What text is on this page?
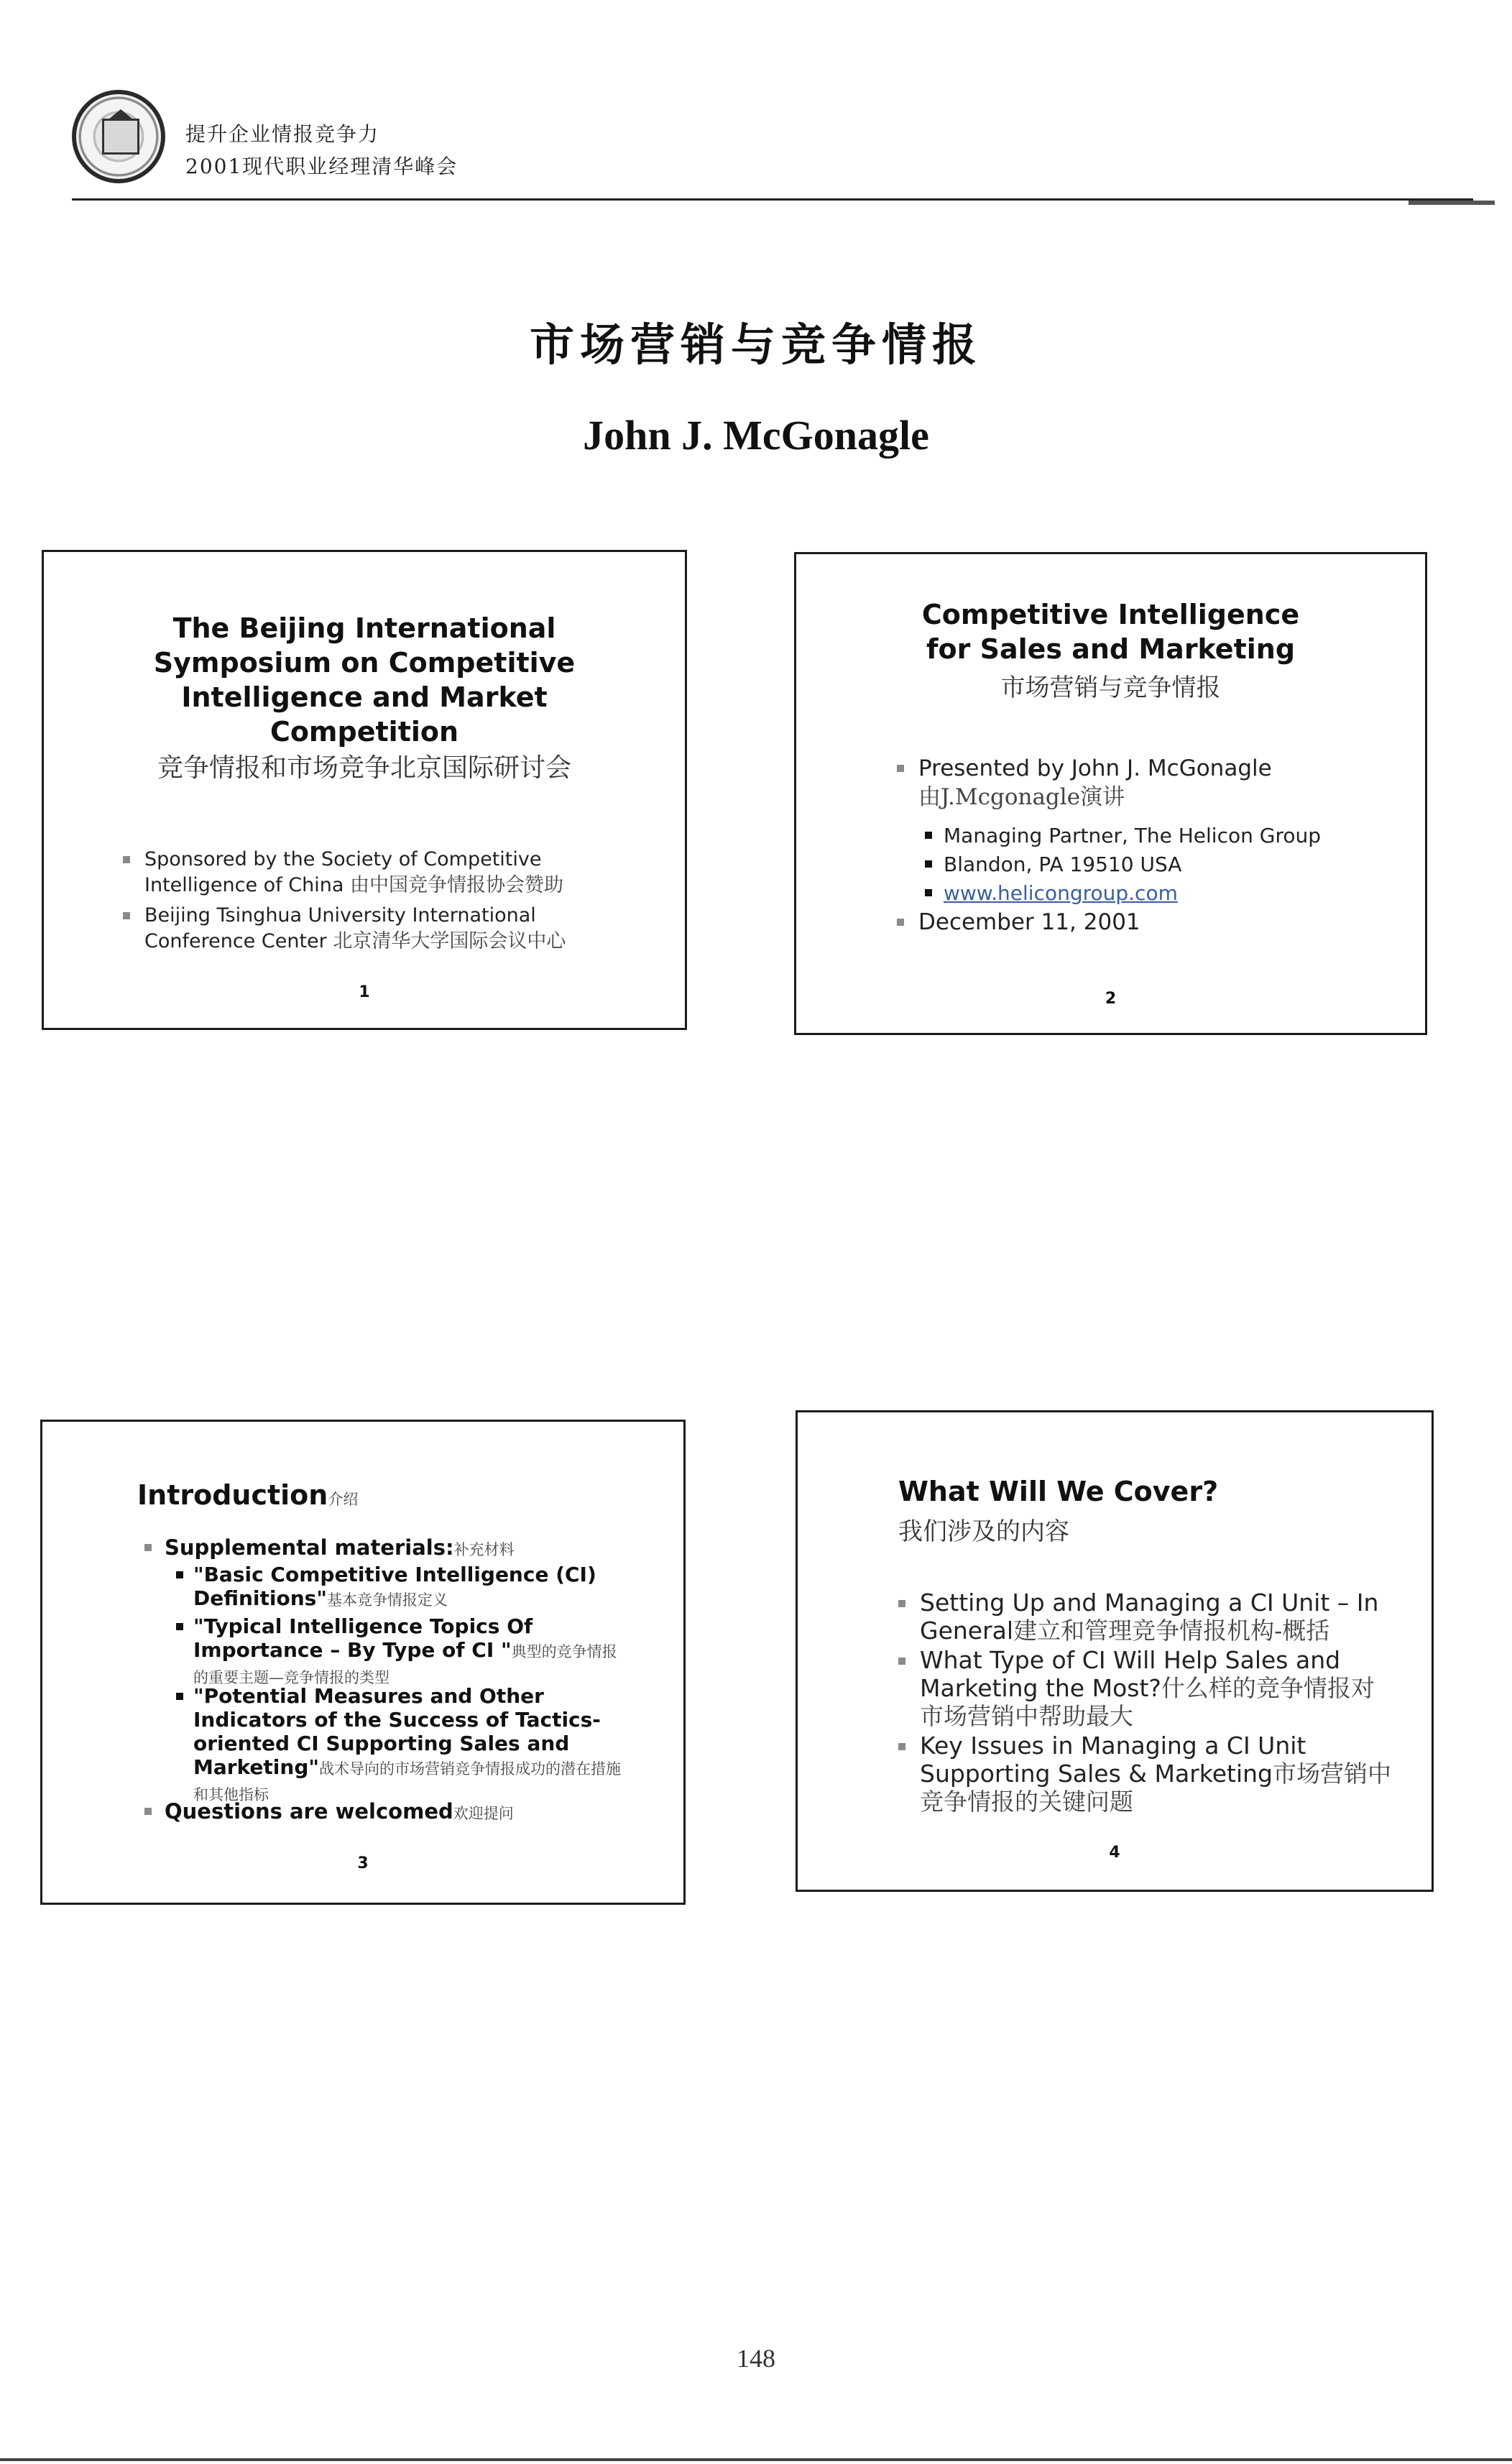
提升企业情报竞争力
2001现代职业经理清华峰会
市场营销与竞争情报
John J. McGonagle
The Beijing International Symposium on Competitive Intelligence and Market Competition
竞争情报和市场竞争北京国际研讨会
Sponsored by the Society of Competitive Intelligence of China 由中国竞争情报协会赞助
Beijing Tsinghua University International Conference Center 北京清华大学国际会议中心
1
Competitive Intelligence for Sales and Marketing
市场营销与竞争情报
Presented by John J. McGonagle
由J.Mcgonagle演讲
Managing Partner, The Helicon Group
Blandon, PA 19510 USA
www.helicongroup.com
December 11, 2001
2
Introduction介绍
Supplemental materials:补充材料
"Basic Competitive Intelligence (CI) Definitions"基本竞争情报定义
"Typical Intelligence Topics Of Importance – By Type of CI "典型的竞争情报的重要主题—竞争情报的类型
"Potential Measures and Other Indicators of the Success of Tactics-oriented CI Supporting Sales and Marketing"战术导向的市场营销竞争情报成功的潜在措施和其他指标
Questions are welcomed欢迎提问
3
What Will We Cover?
我们涉及的内容
Setting Up and Managing a CI Unit – In General建立和管理竞争情报机构-概括
What Type of CI Will Help Sales and Marketing the Most?什么样的竞争情报对市场营销中帮助最大
Key Issues in Managing a CI Unit Supporting Sales & Marketing市场营销中竞争情报的关键问题
4
148
